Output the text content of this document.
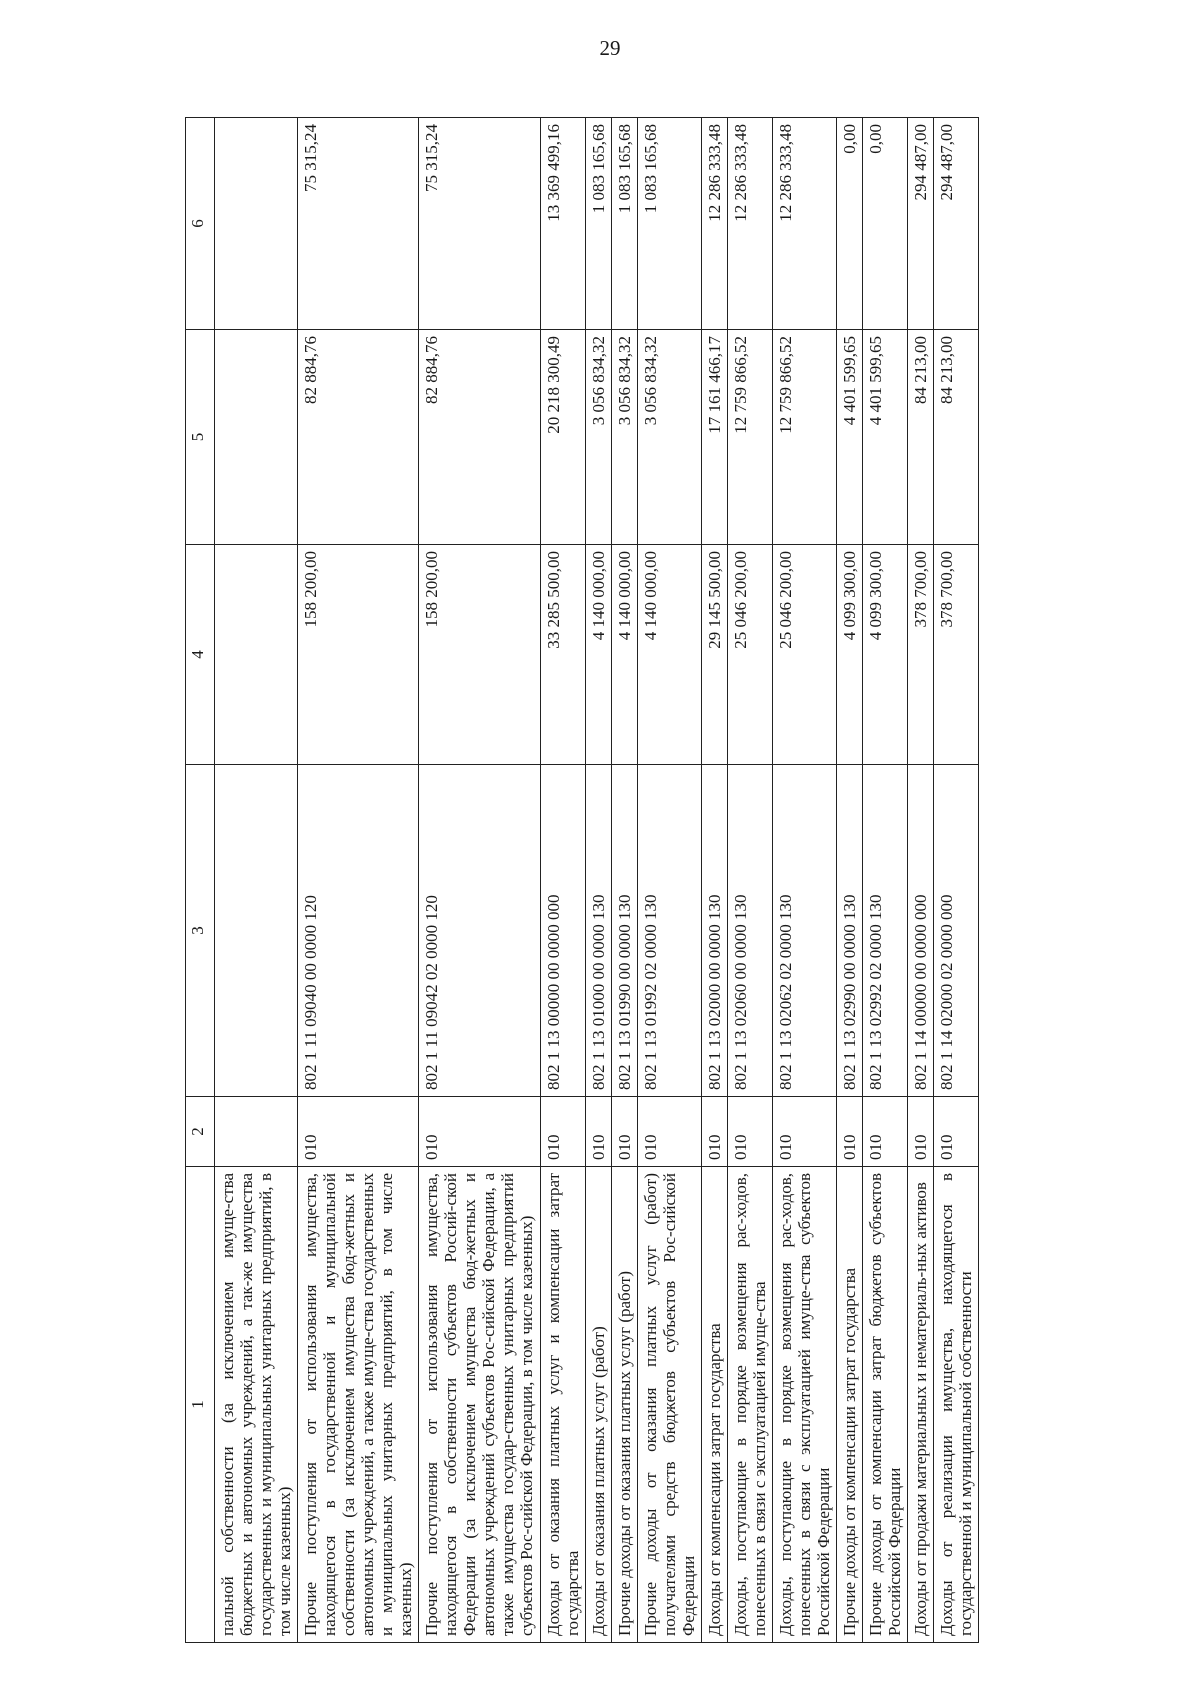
29
1	2	3	4	5	6
пальной собственности (за исключением имуще-ства бюджетных и автономных учреждений, а так-же имущества государственных и муниципальных унитарных предприятий, в том числе казенных)					
Прочие поступления от использования имущества, находящегося в государственной и муниципальной собственности (за исключением имущества бюд-жетных и автономных учреждений, а также имуще-ства государственных и муниципальных унитарных предприятий, в том числе казенных)	010	802 1 11 09040 00 0000 120	158 200,00	82 884,76	75 315,24
Прочие поступления от использования имущества, находящегося в собственности субъектов Россий-ской Федерации (за исключением имущества бюд-жетных и автономных учреждений субъектов Рос-сийской Федерации, а также имущества государ-ственных унитарных предприятий субъектов Рос-сийской Федерации, в том числе казенных)	010	802 1 11 09042 02 0000 120	158 200,00	82 884,76	75 315,24
Доходы от оказания платных услуг и компенсации затрат государства	010	802 1 13 00000 00 0000 000	33 285 500,00	20 218 300,49	13 369 499,16
Доходы от оказания платных услуг (работ)	010	802 1 13 01000 00 0000 130	4 140 000,00	3 056 834,32	1 083 165,68
Прочие доходы от оказания платных услуг (работ)	010	802 1 13 01990 00 0000 130	4 140 000,00	3 056 834,32	1 083 165,68
Прочие доходы от оказания платных услуг (работ) получателями средств бюджетов субъектов Рос-сийской Федерации	010	802 1 13 01992 02 0000 130	4 140 000,00	3 056 834,32	1 083 165,68
Доходы от компенсации затрат государства	010	802 1 13 02000 00 0000 130	29 145 500,00	17 161 466,17	12 286 333,48
Доходы, поступающие в порядке возмещения рас-ходов, понесенных в связи с эксплуатацией имуще-ства	010	802 1 13 02060 00 0000 130	25 046 200,00	12 759 866,52	12 286 333,48
Доходы, поступающие в порядке возмещения рас-ходов, понесенных в связи с эксплуатацией имуще-ства субъектов Российской Федерации	010	802 1 13 02062 02 0000 130	25 046 200,00	12 759 866,52	12 286 333,48
Прочие доходы от компенсации затрат государства	010	802 1 13 02990 00 0000 130	4 099 300,00	4 401 599,65	0,00
Прочие доходы от компенсации затрат бюджетов субъектов Российской Федерации	010	802 1 13 02992 02 0000 130	4 099 300,00	4 401 599,65	0,00
Доходы от продажи материальных и нематериаль-ных активов	010	802 1 14 00000 00 0000 000	378 700,00	84 213,00	294 487,00
Доходы от реализации имущества, находящегося в государственной и муниципальной собственности	010	802 1 14 02000 02 0000 000	378 700,00	84 213,00	294 487,00
